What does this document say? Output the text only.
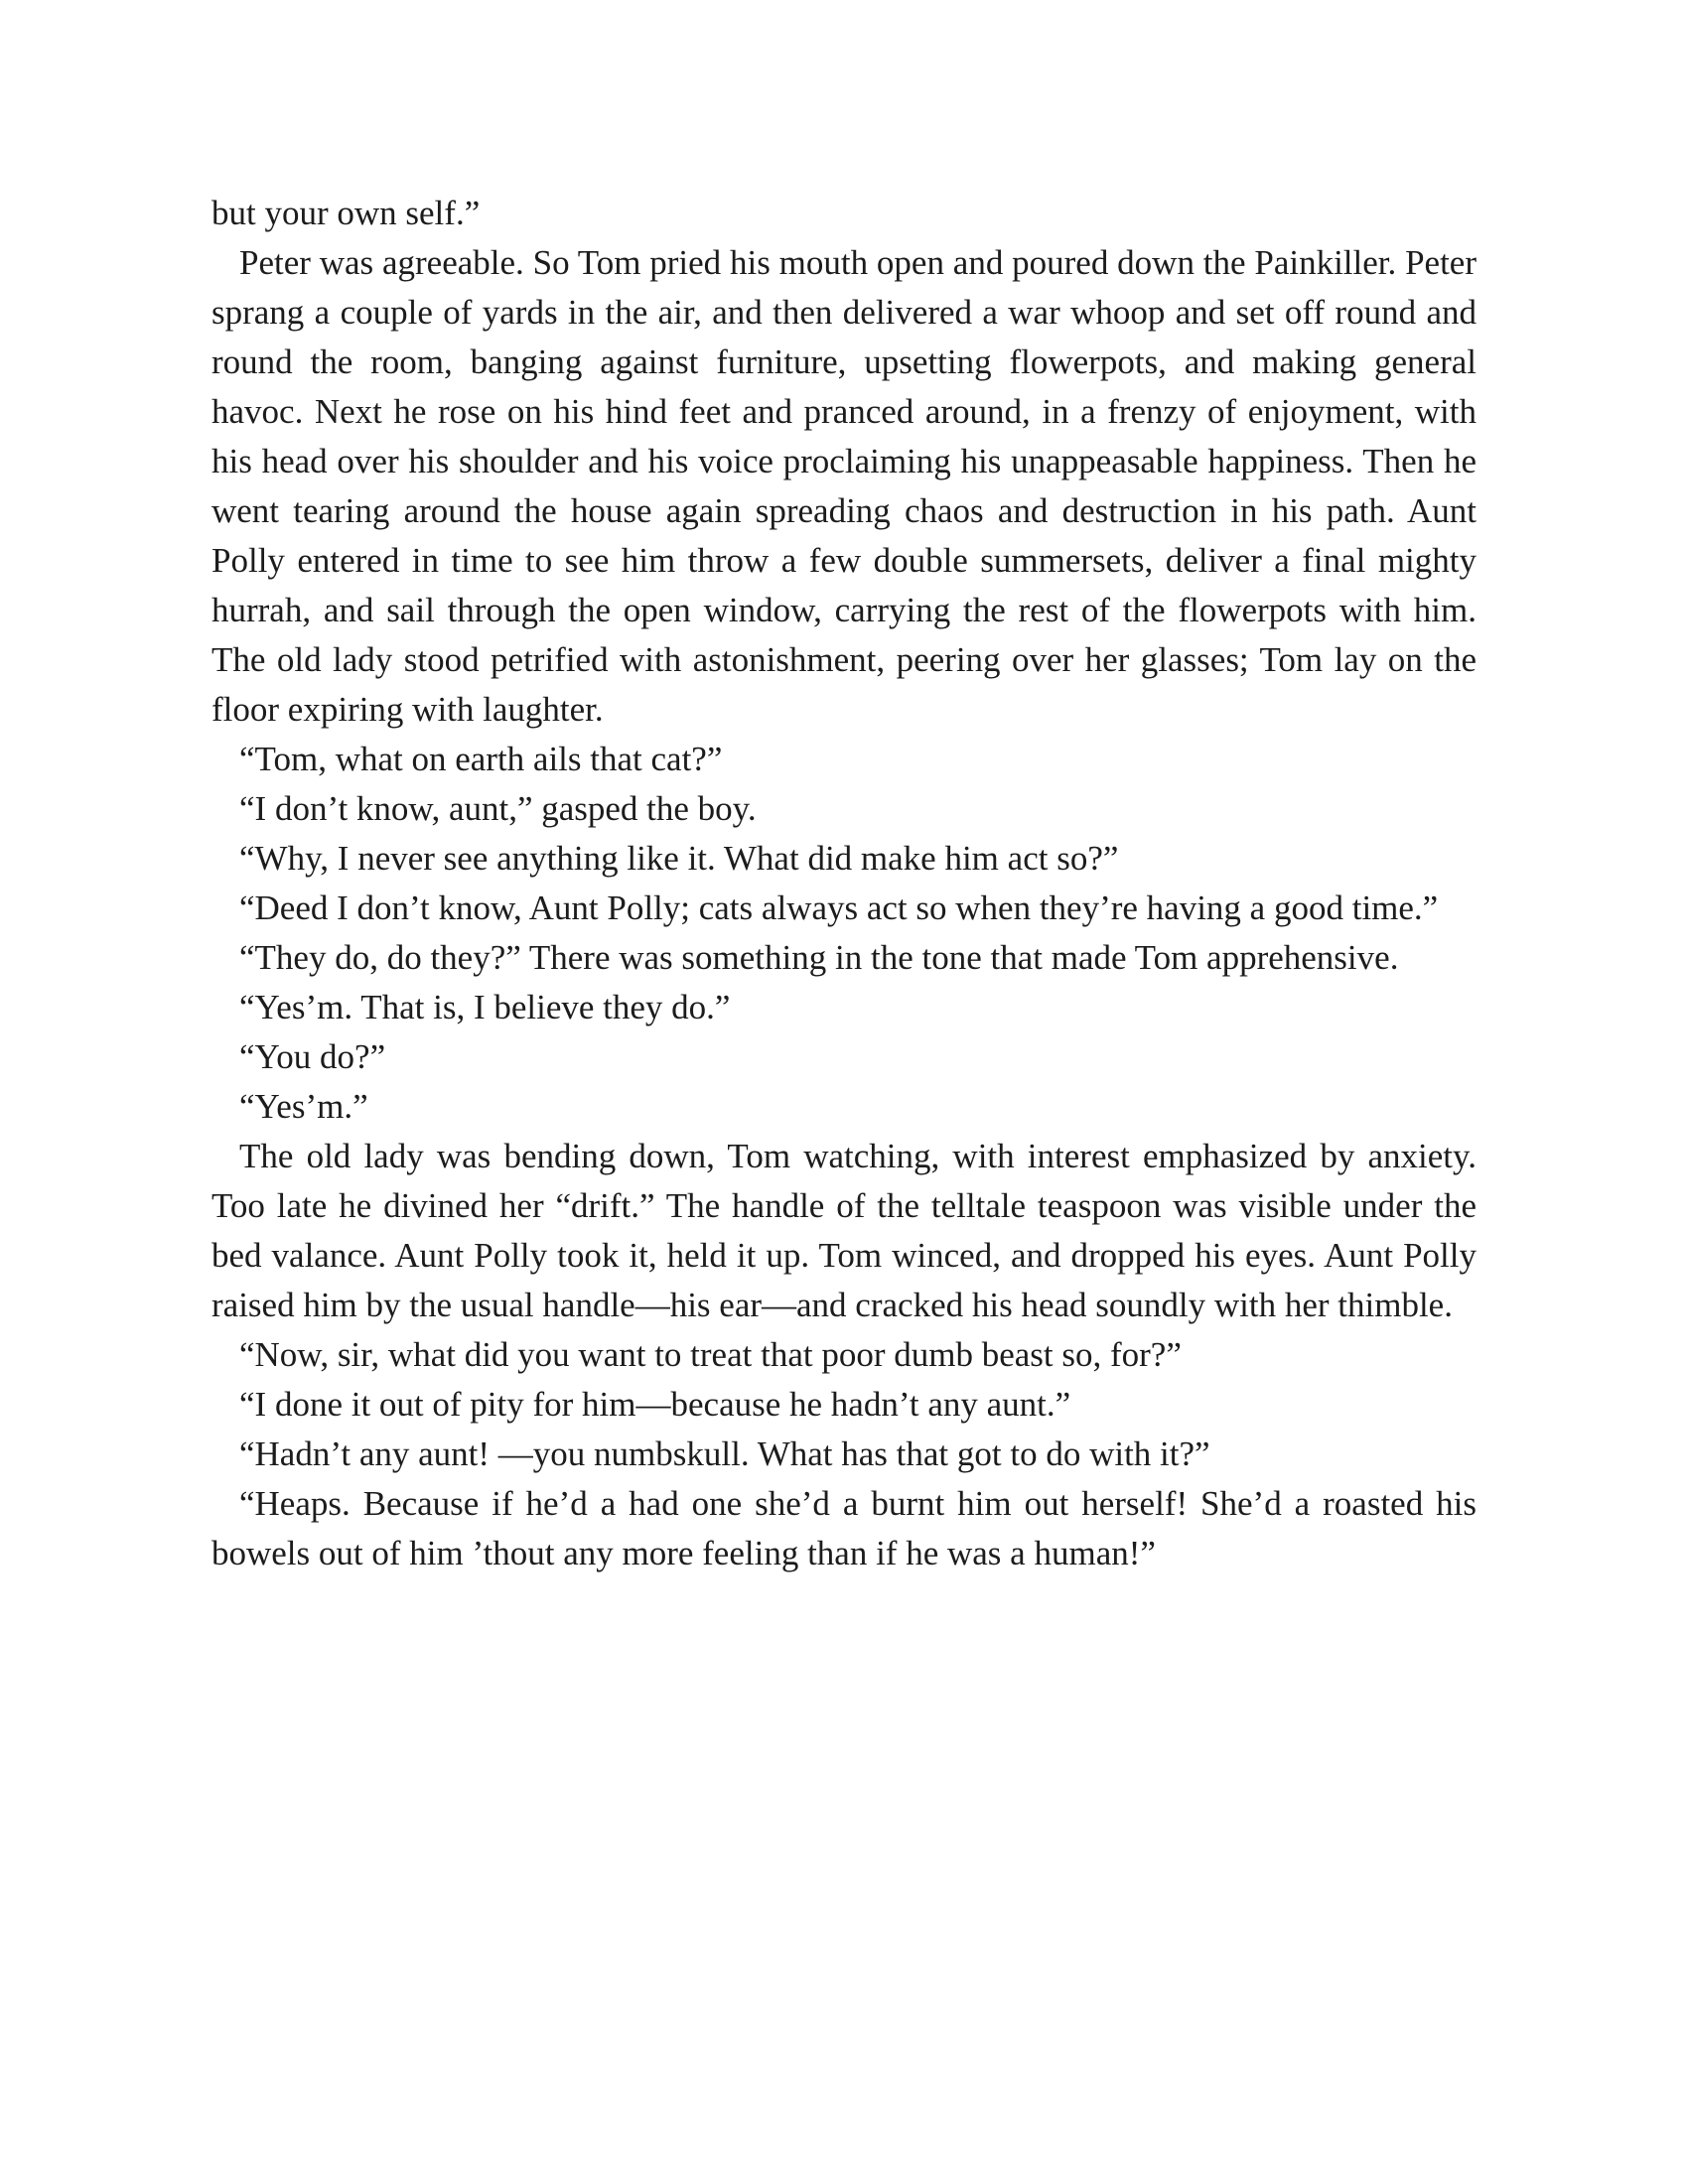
but your own self.”

Peter was agreeable. So Tom pried his mouth open and poured down the Painkiller. Peter sprang a couple of yards in the air, and then delivered a war whoop and set off round and round the room, banging against furniture, upsetting flowerpots, and making general havoc. Next he rose on his hind feet and pranced around, in a frenzy of enjoyment, with his head over his shoulder and his voice proclaiming his unappeasable happiness. Then he went tearing around the house again spreading chaos and destruction in his path. Aunt Polly entered in time to see him throw a few double summersets, deliver a final mighty hurrah, and sail through the open window, carrying the rest of the flowerpots with him. The old lady stood petrified with astonishment, peering over her glasses; Tom lay on the floor expiring with laughter.

“Tom, what on earth ails that cat?”

“I don’t know, aunt,” gasped the boy.

“Why, I never see anything like it. What did make him act so?”

“Deed I don’t know, Aunt Polly; cats always act so when they’re having a good time.”

“They do, do they?” There was something in the tone that made Tom apprehensive.

“Yes’m. That is, I believe they do.”

“You do?”

“Yes’m.”

The old lady was bending down, Tom watching, with interest emphasized by anxiety. Too late he divined her “drift.” The handle of the telltale teaspoon was visible under the bed valance. Aunt Polly took it, held it up. Tom winced, and dropped his eyes. Aunt Polly raised him by the usual handle—his ear—and cracked his head soundly with her thimble.

“Now, sir, what did you want to treat that poor dumb beast so, for?”

“I done it out of pity for him—because he hadn’t any aunt.”

“Hadn’t any aunt! —you numbskull. What has that got to do with it?”

“Heaps. Because if he’d a had one she’d a burnt him out herself! She’d a roasted his bowels out of him ’thout any more feeling than if he was a human!”
